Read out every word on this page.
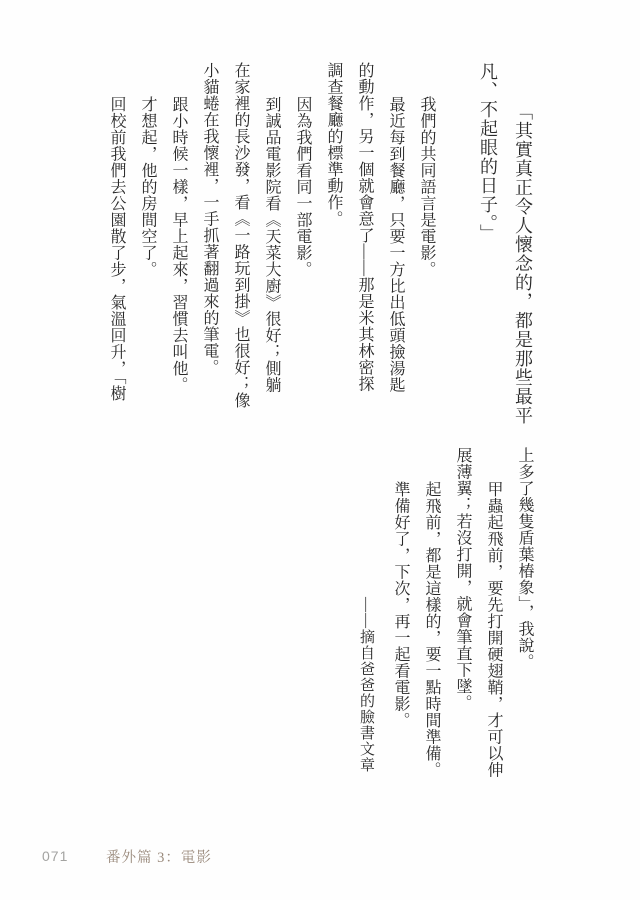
「其實真正令人懷念的，都是那些最平
凡、不起眼的日子。」
我們的共同語言是電影。
最近每到餐廳，只要一方比出低頭撿湯匙
的動作，另一個就會意了——那是米其林密探
調查餐廳的標準動作。
因為我們看同一部電影。
到誠品電影院看《天菜大廚》很好；側躺
在家裡的長沙發，看《一路玩到掛》也很好；像
小貓蜷在我懷裡，一手抓著翻過來的筆電。
跟小時候一樣，早上起來，習慣去叫他。
才想起，他的房間空了。
回校前我們去公園散了步，氣溫回升，「樹
上多了幾隻盾葉椿象」，我說。
甲蟲起飛前，要先打開硬翅鞘，才可以伸
展薄翼；若沒打開，就會筆直下墜。
起飛前，都是這樣的，要一點時間準備。
準備好了，下次，再一起看電影。
——摘自爸爸的臉書文章
071	番外篇 3：電影
